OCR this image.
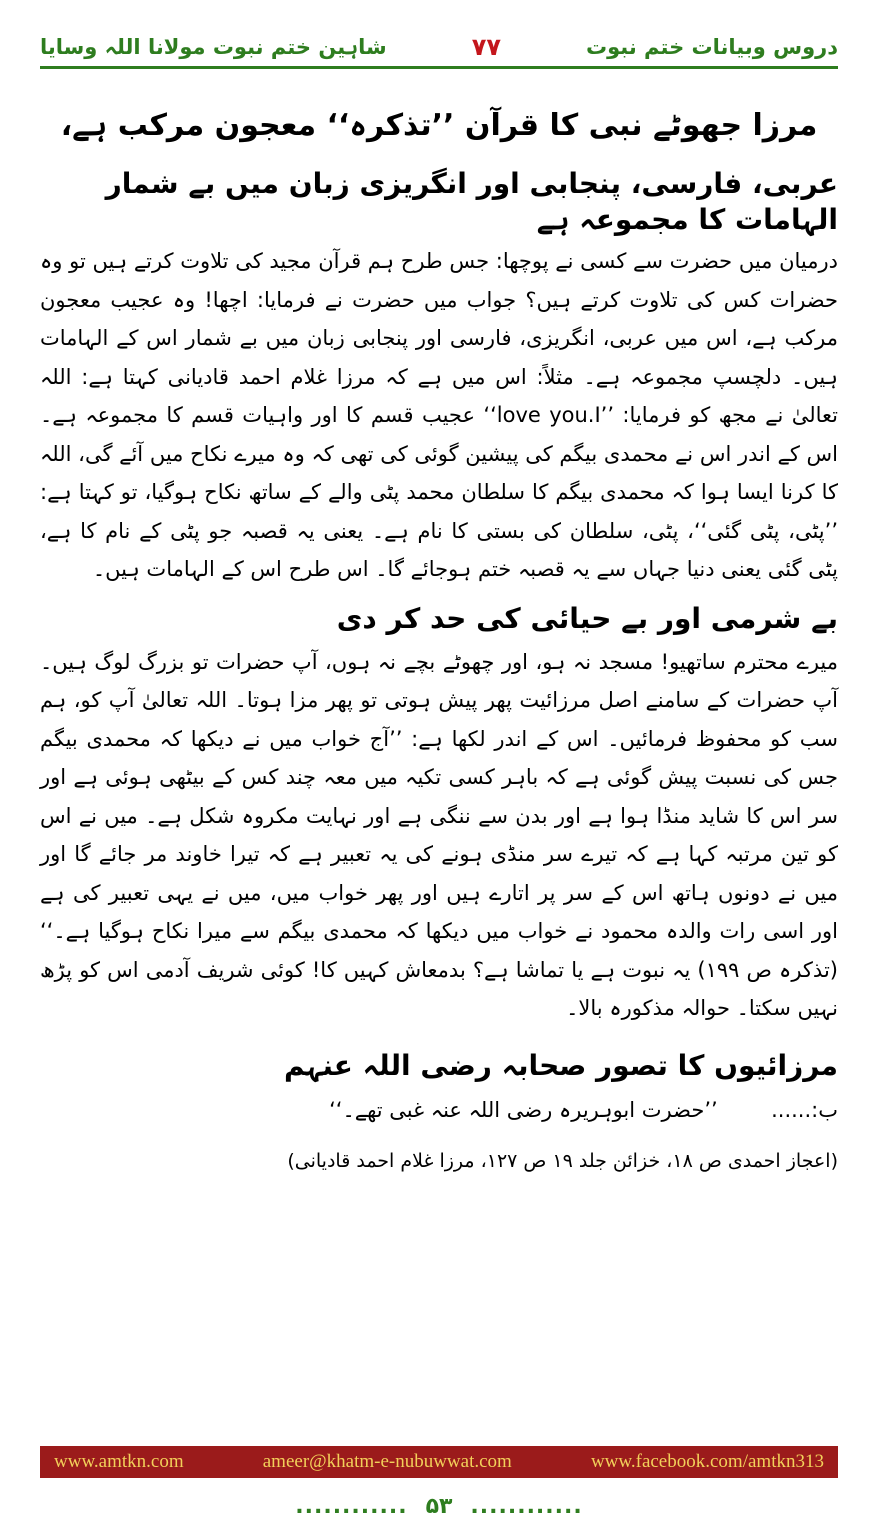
دروس وبیانات ختم نبوت
۷۷
شاہین ختم نبوت مولانا اللہ وسایا
مرزا جھوٹے نبی کا قرآن ’’تذکرہ‘‘ معجون مرکب ہے،
عربی، فارسی، پنجابی اور انگریزی زبان میں بے شمار الہامات کا مجموعہ ہے

درمیان میں حضرت سے کسی نے پوچھا: جس طرح ہم قرآن مجید کی تلاوت کرتے ہیں تو وہ حضرات کس کی تلاوت کرتے ہیں؟ جواب میں حضرت نے فرمایا: اچھا! وہ عجیب معجون مرکب ہے، اس میں عربی، انگریزی، فارسی اور پنجابی زبان میں بے شمار اس کے الہامات ہیں۔ دلچسپ مجموعہ ہے۔ مثلاً: اس میں ہے کہ مرزا غلام احمد قادیانی کہتا ہے: اللہ تعالیٰ نے مجھ کو فرمایا: ’’love you.I‘‘ عجیب قسم کا اور واہیات قسم کا مجموعہ ہے۔ اس کے اندر اس نے محمدی بیگم کی پیشین گوئی کی تھی کہ وہ میرے نکاح میں آئے گی، اللہ کا کرنا ایسا ہوا کہ محمدی بیگم کا سلطان محمد پٹی والے کے ساتھ نکاح ہوگیا، تو کہتا ہے: ’’پٹی، پٹی گئی‘‘، پٹی، سلطان کی بستی کا نام ہے۔ یعنی یہ قصبہ جو پٹی کے نام کا ہے، پٹی گئی یعنی دنیا جہاں سے یہ قصبہ ختم ہوجائے گا۔ اس طرح اس کے الہامات ہیں۔

بے شرمی اور بے حیائی کی حد کر دی

میرے محترم ساتھیو! مسجد نہ ہو، اور چھوٹے بچے نہ ہوں، آپ حضرات تو بزرگ لوگ ہیں۔ آپ حضرات کے سامنے اصل مرزائیت پھر پیش ہوتی تو پھر مزا ہوتا۔ اللہ تعالیٰ آپ کو، ہم سب کو محفوظ فرمائیں۔ اس کے اندر لکھا ہے: ’’آج خواب میں نے دیکھا کہ محمدی بیگم جس کی نسبت پیش گوئی ہے کہ باہر کسی تکیہ میں معہ چند کس کے بیٹھی ہوئی ہے اور سر اس کا شاید منڈا ہوا ہے اور بدن سے ننگی ہے اور نہایت مکروہ شکل ہے۔ میں نے اس کو تین مرتبہ کہا ہے کہ تیرے سر منڈی ہونے کی یہ تعبیر ہے کہ تیرا خاوند مر جائے گا اور میں نے دونوں ہاتھ اس کے سر پر اتارے ہیں اور پھر خواب میں، میں نے یہی تعبیر کی ہے اور اسی رات والدہ محمود نے خواب میں دیکھا کہ محمدی بیگم سے میرا نکاح ہوگیا ہے۔‘‘ (تذکرہ ص ۱۹۹) یہ نبوت ہے یا تماشا ہے؟ بدمعاش کہیں کا! کوئی شریف آدمی اس کو پڑھ نہیں سکتا۔ حوالہ مذکورہ بالا۔

مرزائیوں کا تصور صحابہ رضی اللہ عنہم

ب:......        ’’حضرت ابوہریرہ رضی اللہ عنہ غبی تھے۔‘‘

(اعجاز احمدی ص ۱۸، خزائن جلد ۱۹ ص ۱۲۷، مرزا غلام احمد قادیانی)

www.amtkn.com	ameer@khatm-e-nubuwwat.com	www.facebook.com/amtkn313
............ ۵۳ ............
